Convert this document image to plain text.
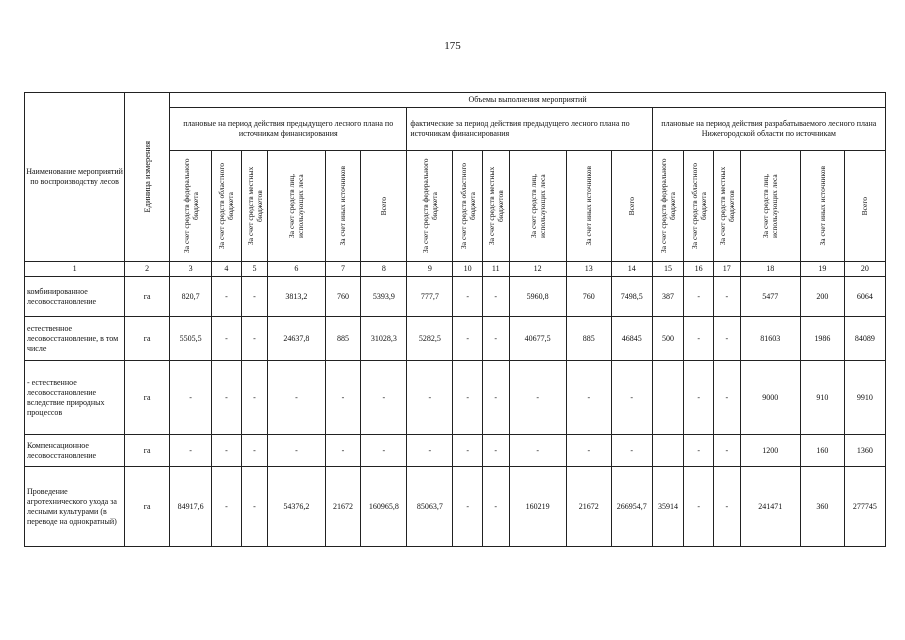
175
Наименование мероприятий по воспроизводству лесов	Единица измерения	Объемы выполнения мероприятий																	
		плановые на период действия предыдущего лесного плана по источникам финансирования						фактические за период действия предыдущего лесного плана по источникам финансирования						плановые на период действия разрабатываемого лесного плана Нижегородской области по источникам					

		За счет средств федерального бюджета	За счет средств областного бюджета	За счет средств местных бюджетов	За счет средств лиц, использующих леса	За счет иных источников	Всего	За счет средств федерального бюджета	За счет средств областного бюджета	За счет средств местных бюджетов	За счет средств лиц, использующих леса	За счет иных источников	Всего	За счет средств федерального бюджета	За счет средств областного бюджета	За счет средств местных бюджетов	За счет средств лиц, использующих леса	За счет иных источников	Всего

1	2	3	4	5	6	7	8	9	10	11	12	13	14	15	16	17	18	19	20
комбинированное лесовосстановление	га	820,7	-	-	3813,2	760	5393,9	777,7	-	-	5960,8	760	7498,5	387	-	-	5477	200	6064
естественное лесовосстановление, в том числе	га	5505,5	-	-	24637,8	885	31028,3	5282,5	-	-	40677,5	885	46845	500	-	-	81603	1986	84089
- естественное лесовосстановление вследствие природных процессов	га	-	-	-	-	-	-	-	-	-	-	-	-		-	-	9000	910	9910
Компенсационное лесовосстановление	га	-	-	-	-	-	-	-	-	-	-	-	-		-	-	1200	160	1360
Проведение агротехнического ухода за лесными культурами (в переводе на однократный)	га	84917,6	-	-	54376,2	21672	160965,8	85063,7	-	-	160219	21672	266954,7	35914	-	-	241471	360	277745
